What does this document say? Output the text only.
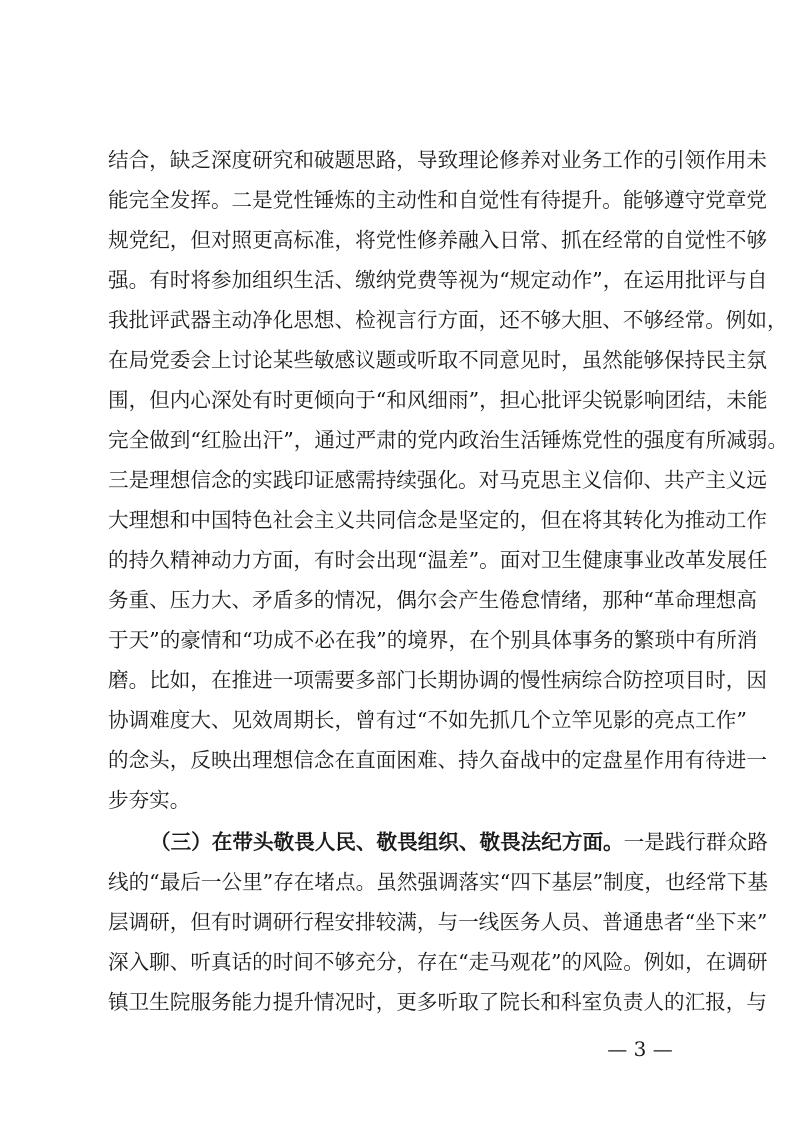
结合，缺乏深度研究和破题思路，导致理论修养对业务工作的引领作用未
能完全发挥。二是党性锤炼的主动性和自觉性有待提升。能够遵守党章党
规党纪，但对照更高标准，将党性修养融入日常、抓在经常的自觉性不够
强。有时将参加组织生活、缴纳党费等视为“规定动作”，在运用批评与自
我批评武器主动净化思想、检视言行方面，还不够大胆、不够经常。例如，
在局党委会上讨论某些敏感议题或听取不同意见时，虽然能够保持民主氛
围，但内心深处有时更倾向于“和风细雨”，担心批评尖锐影响团结，未能
完全做到“红脸出汗”，通过严肃的党内政治生活锤炼党性的强度有所减弱。
三是理想信念的实践印证感需持续强化。对马克思主义信仰、共产主义远
大理想和中国特色社会主义共同信念是坚定的，但在将其转化为推动工作
的持久精神动力方面，有时会出现“温差”。面对卫生健康事业改革发展任
务重、压力大、矛盾多的情况，偶尔会产生倦怠情绪，那种“革命理想高
于天”的豪情和“功成不必在我”的境界，在个别具体事务的繁琐中有所消
磨。比如，在推进一项需要多部门长期协调的慢性病综合防控项目时，因
协调难度大、见效周期长，曾有过“不如先抓几个立竿见影的亮点工作”
的念头，反映出理想信念在直面困难、持久奋战中的定盘星作用有待进一
步夯实。
（三）在带头敬畏人民、敬畏组织、敬畏法纪方面。一是践行群众路
线的“最后一公里”存在堵点。虽然强调落实“四下基层”制度，也经常下基
层调研，但有时调研行程安排较满，与一线医务人员、普通患者“坐下来”
深入聊、听真话的时间不够充分，存在“走马观花”的风险。例如，在调研
镇卫生院服务能力提升情况时，更多听取了院长和科室负责人的汇报，与
— 3 —
